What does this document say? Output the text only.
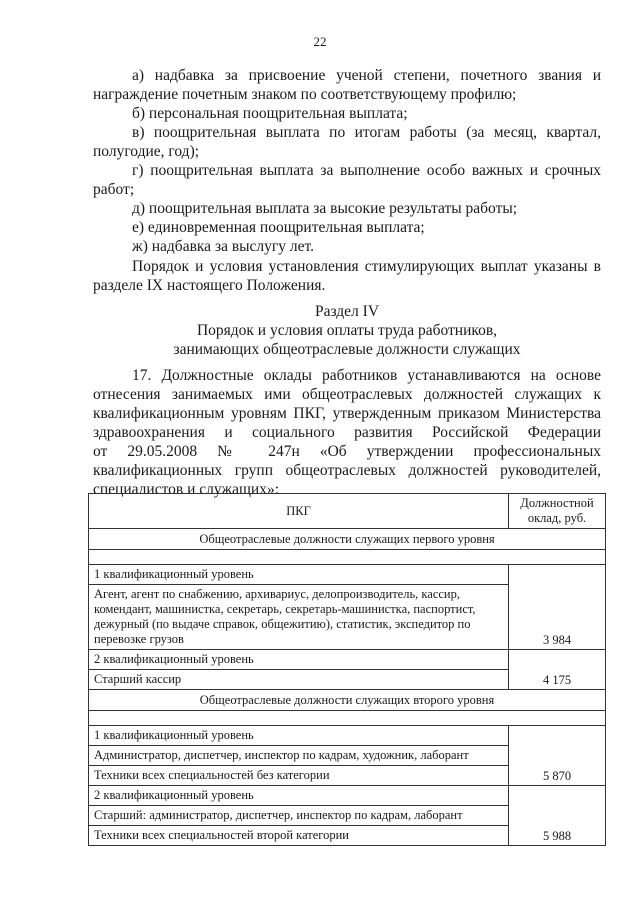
22
а) надбавка за присвоение ученой степени, почетного звания и
награждение почетным знаком по соответствующему профилю;
б) персональная поощрительная выплата;
в) поощрительная выплата по итогам работы (за месяц, квартал,
полугодие, год);
г) поощрительная выплата за выполнение особо важных и срочных
работ;
д) поощрительная выплата за высокие результаты работы;
е) единовременная поощрительная выплата;
ж) надбавка за выслугу лет.
Порядок и условия установления стимулирующих выплат указаны в
разделе IX настоящего Положения.
Раздел IV
Порядок и условия оплаты труда работников,
занимающих общеотраслевые должности служащих
17. Должностные оклады работников устанавливаются на основе
отнесения занимаемых ими общеотраслевых должностей служащих к
квалификационным уровням ПКГ, утвержденным приказом Министерства
здравоохранения и социального развития Российской Федерации
от 29.05.2008 № 247н «Об утверждении профессиональных
квалификационных групп общеотраслевых должностей руководителей,
специалистов и служащих»:
ПКГ	Должностной
оклад, руб.

Общеотраслевые должности служащих первого уровня	

1 квалификационный уровень	3 984
Агент, агент по снабжению, архивариус, делопроизводитель, кассир, комендант, машинистка, секретарь, секретарь-машинистка, паспортист, дежурный (по выдаче справок, общежитию), статистик, экспедитор по перевозке грузов	
2 квалификационный уровень	4 175
Старший кассир	
Общеотраслевые должности служащих второго уровня	

1 квалификационный уровень	5 870
Администратор, диспетчер, инспектор по кадрам, художник, лаборант	
Техники всех специальностей без категории	
2 квалификационный уровень	5 988
Старший: администратор, диспетчер, инспектор по кадрам, лаборант	
Техники всех специальностей второй категории	
